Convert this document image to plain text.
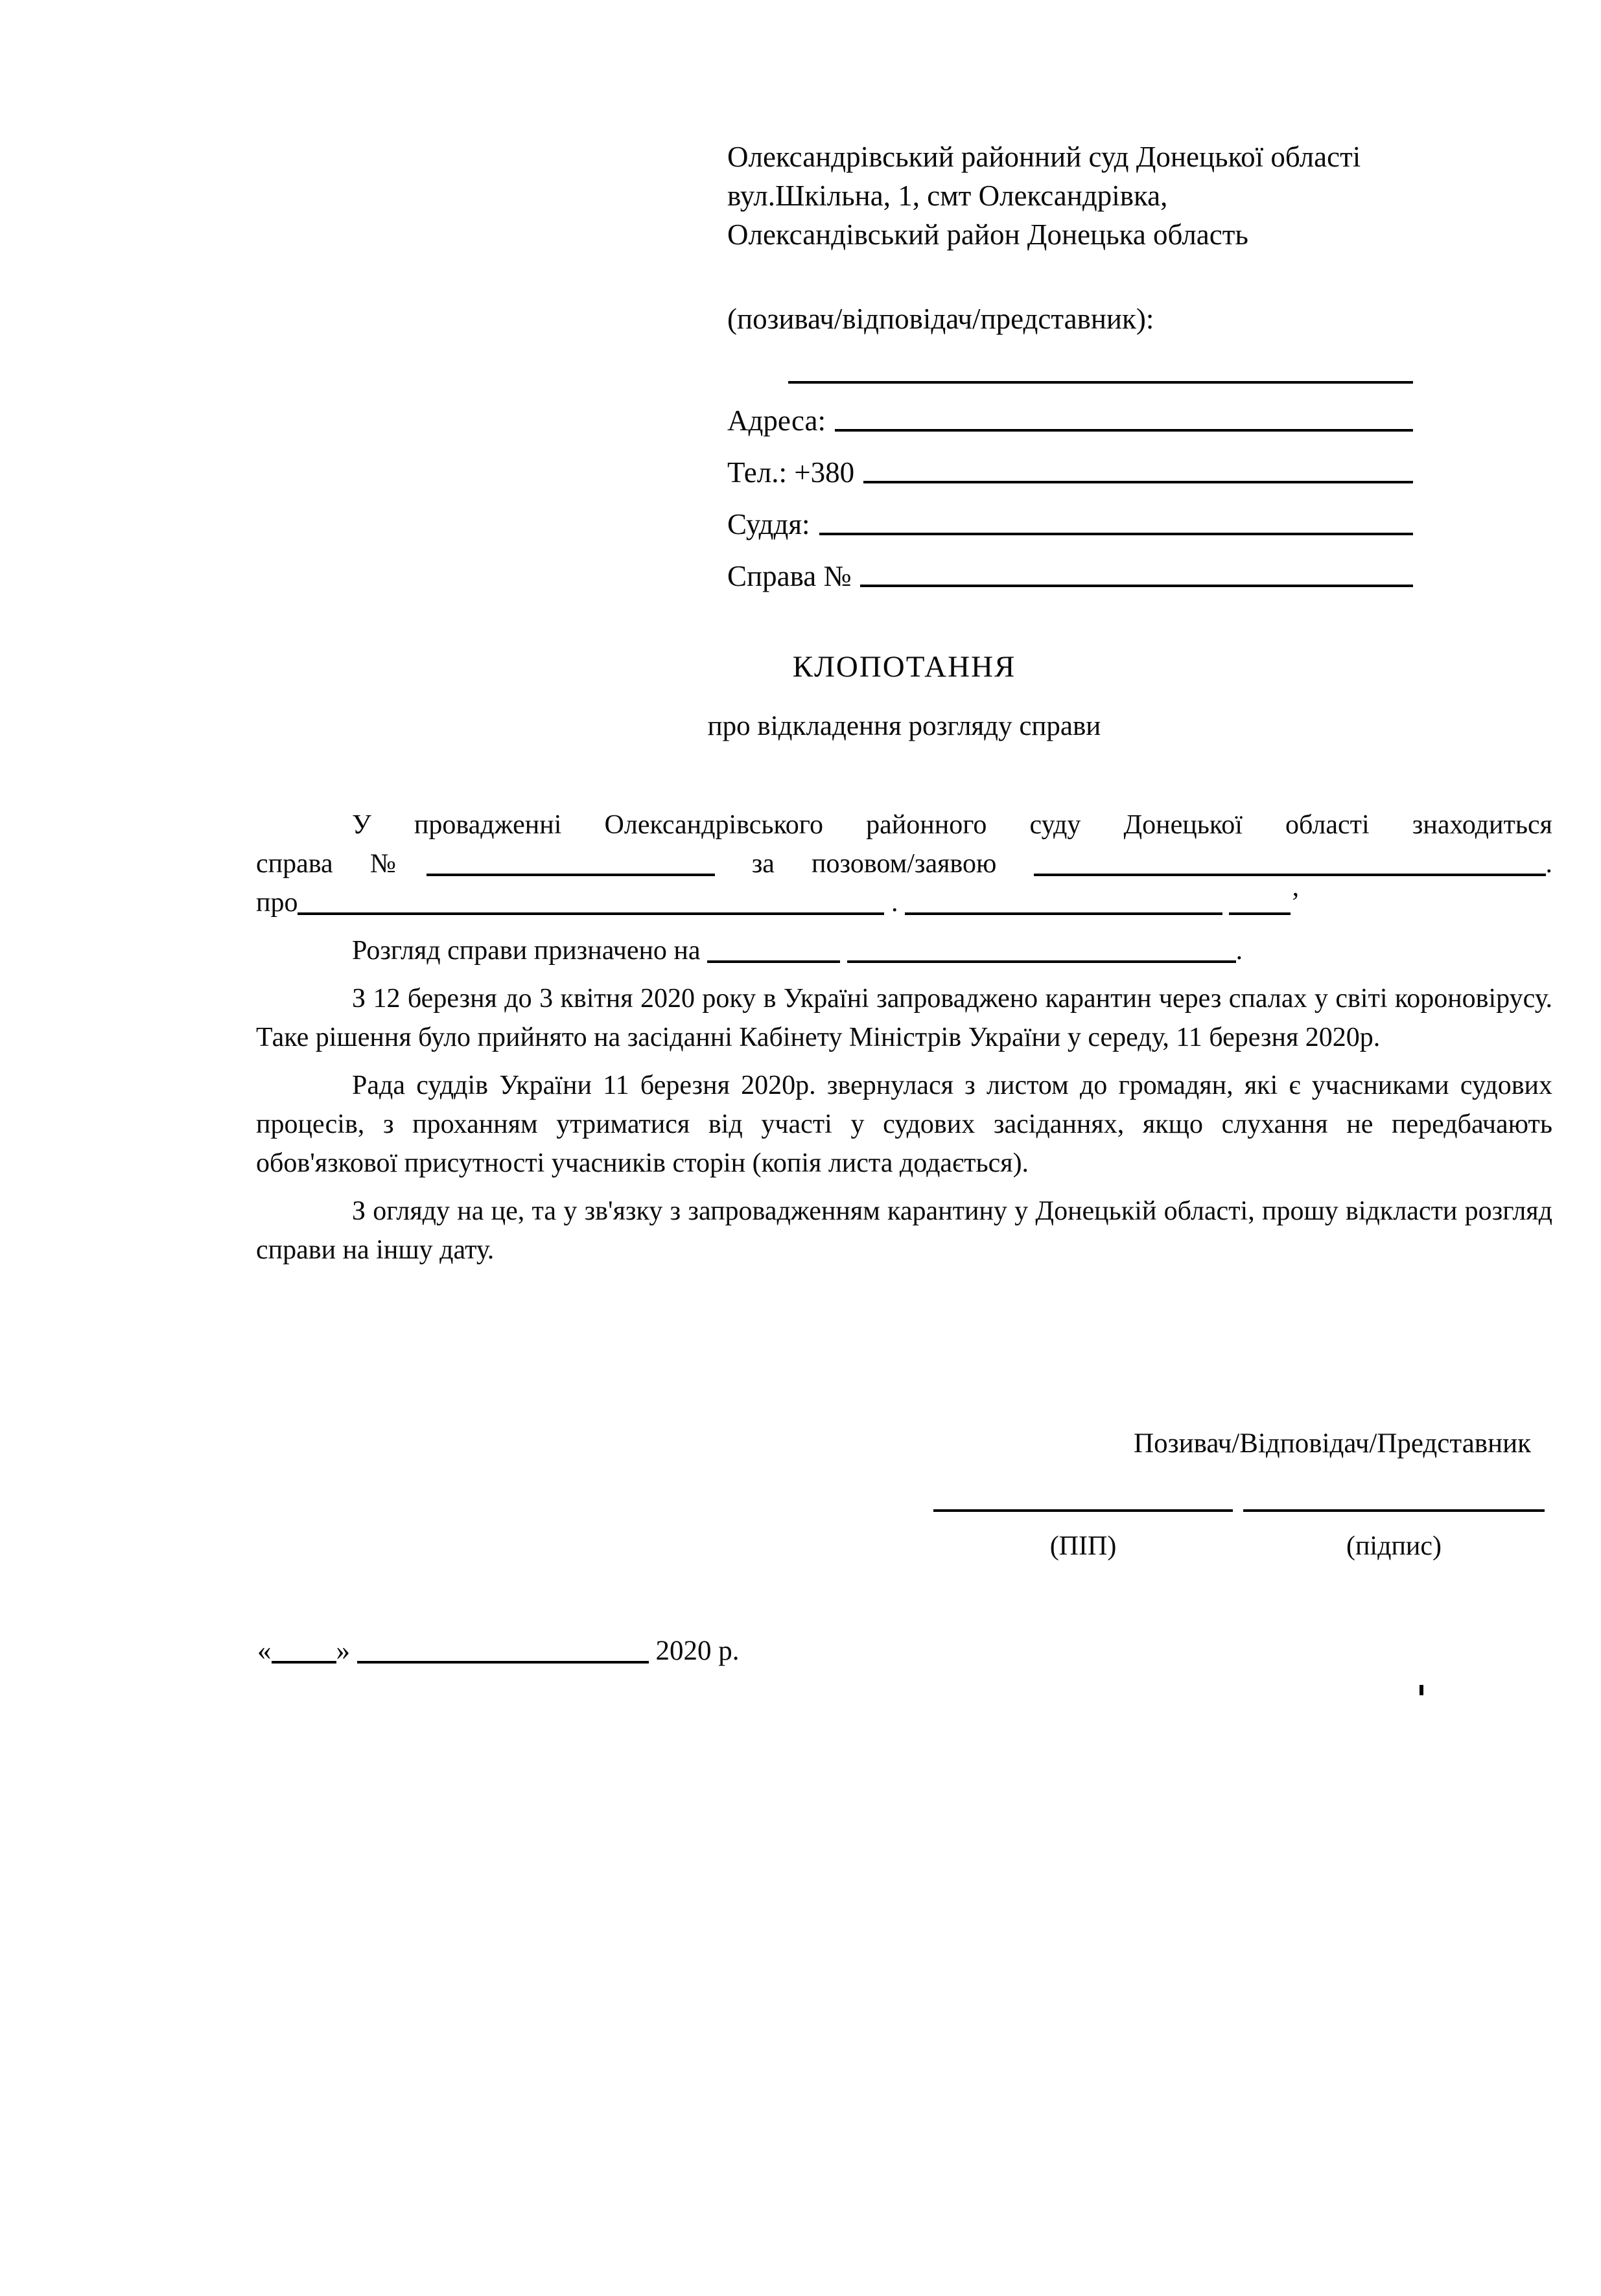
Олександрівський районний суд Донецької області
вул.Шкільна, 1, смт Олександрівка,
Олександівський район Донецька область
(позивач/відповідач/представник):
Адреса:
Тел.: +380
Суддя:
Справа №
КЛОПОТАННЯ
про відкладення розгляду справи
У провадженні Олександрівського районного суду Донецької області знаходиться
справа №	за позовом/заявою	.
про	.	’
Розгляд справи призначено на	.
З 12 березня до 3 квітня 2020 року в Україні запроваджено карантин через спалах у світі короновірусу. Таке рішення було прийнято на засіданні Кабінету Міністрів України у середу, 11 березня 2020р.
Рада суддів України 11 березня 2020р. звернулася з листом до громадян, які є учасниками судових процесів, з проханням утриматися від участі у судових засіданнях, якщо слухання не передбачають обов'язкової присутності учасників сторін (копія листа додається).
З огляду на це, та у зв'язку з запровадженням карантину у Донецькій області, прошу відкласти розгляд справи на іншу дату.
Позивач/Відповідач/Представник
(ПІП)	(підпис)
« »	2020 р.
